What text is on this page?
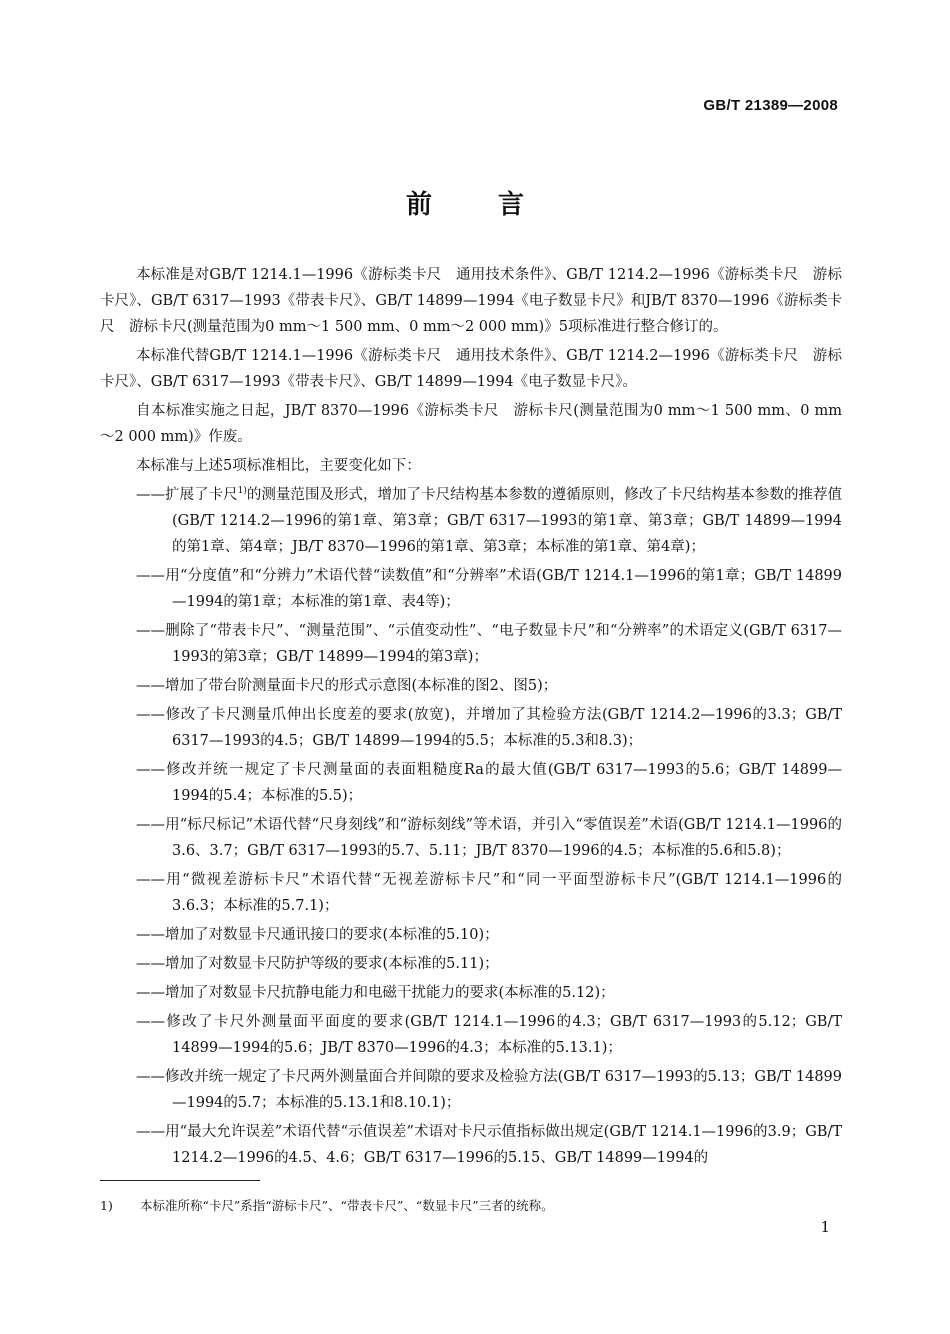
GB/T 21389—2008
前　言

本标准是对GB/T 1214.1—1996《游标类卡尺　通用技术条件》、GB/T 1214.2—1996《游标类卡尺　游标卡尺》、GB/T 6317—1993《带表卡尺》、GB/T 14899—1994《电子数显卡尺》和JB/T 8370—1996《游标类卡尺　游标卡尺(测量范围为0 mm～1 500 mm、0 mm～2 000 mm)》5项标准进行整合修订的。

本标准代替GB/T 1214.1—1996《游标类卡尺　通用技术条件》、GB/T 1214.2—1996《游标类卡尺　游标卡尺》、GB/T 6317—1993《带表卡尺》、GB/T 14899—1994《电子数显卡尺》。

自本标准实施之日起，JB/T 8370—1996《游标类卡尺　游标卡尺(测量范围为0 mm～1 500 mm、0 mm～2 000 mm)》作废。

本标准与上述5项标准相比，主要变化如下：

——扩展了卡尺$^{1)}$的测量范围及形式，增加了卡尺结构基本参数的遵循原则，修改了卡尺结构基本参数的推荐值(GB/T 1214.2—1996的第1章、第3章；GB/T 6317—1993的第1章、第3章；GB/T 14899—1994的第1章、第4章；JB/T 8370—1996的第1章、第3章；本标准的第1章、第4章)；

——用“分度值”和“分辨力”术语代替“读数值”和“分辨率”术语(GB/T 1214.1—1996的第1章；GB/T 14899—1994的第1章；本标准的第1章、表4等)；

——删除了“带表卡尺”、“测量范围”、“示值变动性”、“电子数显卡尺”和“分辨率”的术语定义(GB/T 6317—1993的第3章；GB/T 14899—1994的第3章)；

——增加了带台阶测量面卡尺的形式示意图(本标准的图2、图5)；

——修改了卡尺测量爪伸出长度差的要求(放宽)，并增加了其检验方法(GB/T 1214.2—1996的3.3；GB/T 6317—1993的4.5；GB/T 14899—1994的5.5；本标准的5.3和8.3)；

——修改并统一规定了卡尺测量面的表面粗糙度Ra的最大值(GB/T 6317—1993的5.6；GB/T 14899—1994的5.4；本标准的5.5)；

——用“标尺标记”术语代替“尺身刻线”和“游标刻线”等术语，并引入“零值误差”术语(GB/T 1214.1—1996的3.6、3.7；GB/T 6317—1993的5.7、5.11；JB/T 8370—1996的4.5；本标准的5.6和5.8)；

——用“微视差游标卡尺”术语代替“无视差游标卡尺”和“同一平面型游标卡尺”(GB/T 1214.1—1996的3.6.3；本标准的5.7.1)；

——增加了对数显卡尺通讯接口的要求(本标准的5.10)；

——增加了对数显卡尺防护等级的要求(本标准的5.11)；

——增加了对数显卡尺抗静电能力和电磁干扰能力的要求(本标准的5.12)；

——修改了卡尺外测量面平面度的要求(GB/T 1214.1—1996的4.3；GB/T 6317—1993的5.12；GB/T 14899—1994的5.6；JB/T 8370—1996的4.3；本标准的5.13.1)；

——修改并统一规定了卡尺两外测量面合并间隙的要求及检验方法(GB/T 6317—1993的5.13；GB/T 14899—1994的5.7；本标准的5.13.1和8.10.1)；

——用“最大允许误差”术语代替“示值误差”术语对卡尺示值指标做出规定(GB/T 1214.1—1996的3.9；GB/T 1214.2—1996的4.5、4.6；GB/T 6317—1996的5.15、GB/T 14899—1994的

1) 本标准所称“卡尺”系指“游标卡尺”、“带表卡尺”、“数显卡尺”三者的统称。
1
